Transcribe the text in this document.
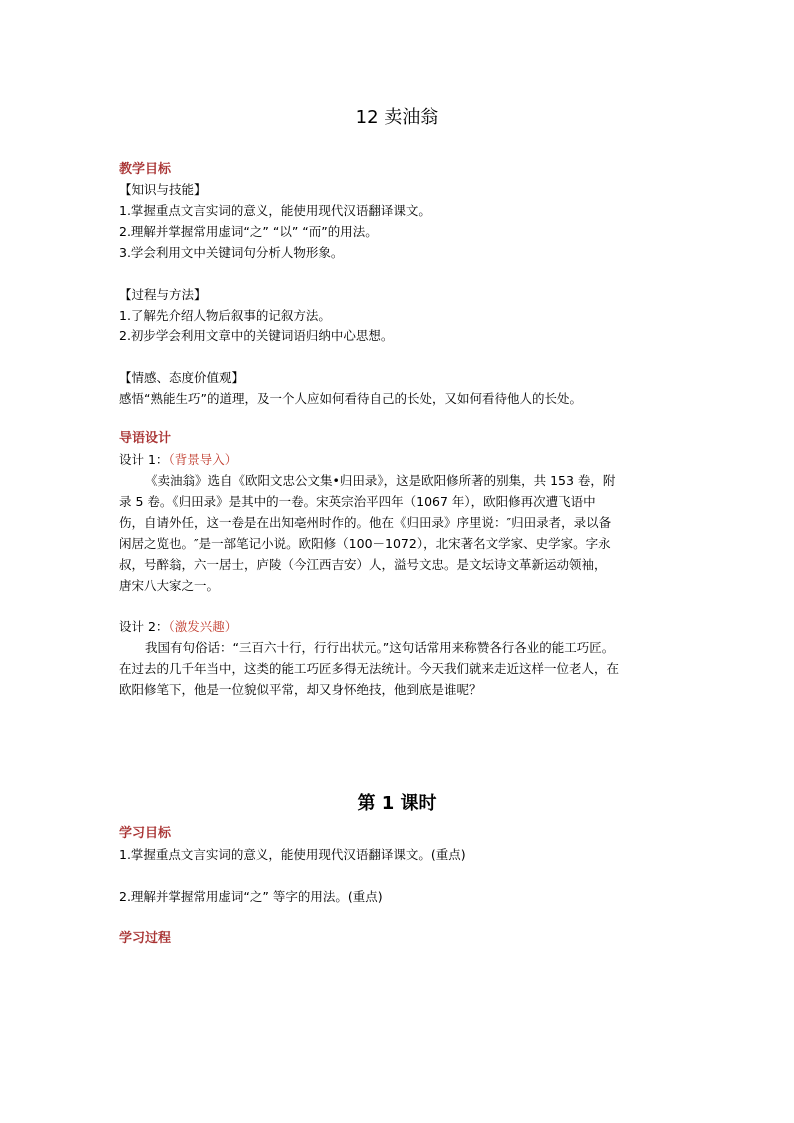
12 卖油翁
教学目标
【知识与技能】
1.掌握重点文言实词的意义，能使用现代汉语翻译课文。
2.理解并掌握常用虚词“之” “以” “而”的用法。
3.学会利用文中关键词句分析人物形象。
【过程与方法】
1.了解先介绍人物后叙事的记叙方法。
2.初步学会利用文章中的关键词语归纳中心思想。
【情感、态度价值观】
感悟“熟能生巧”的道理，及一个人应如何看待自己的长处，又如何看待他人的长处。
导语设计
设计 1：（背景导入）
《卖油翁》选自《欧阳文忠公文集•归田录》，这是欧阳修所著的别集，共 153 卷，附
录 5 卷。《归田录》是其中的一卷。宋英宗治平四年（1067 年），欧阳修再次遭飞语中
伤，自请外任，这一卷是在出知亳州时作的。他在《归田录》序里说：″归田录者，录以备
闲居之览也。″是一部笔记小说。欧阳修（100－1072），北宋著名文学家、史学家。字永
叔，号醉翁，六一居士，庐陵（今江西吉安）人，溢号文忠。是文坛诗文革新运动领袖，
唐宋八大家之一。
设计 2：（激发兴趣）
我国有句俗话：“三百六十行，行行出状元。”这句话常用来称赞各行各业的能工巧匠。
在过去的几千年当中，这类的能工巧匠多得无法统计。今天我们就来走近这样一位老人，在
欧阳修笔下，他是一位貌似平常，却又身怀绝技，他到底是谁呢？
第 1 课时
学习目标
1.掌握重点文言实词的意义，能使用现代汉语翻译课文。(重点)
2.理解并掌握常用虚词“之” 等字的用法。(重点)
学习过程
